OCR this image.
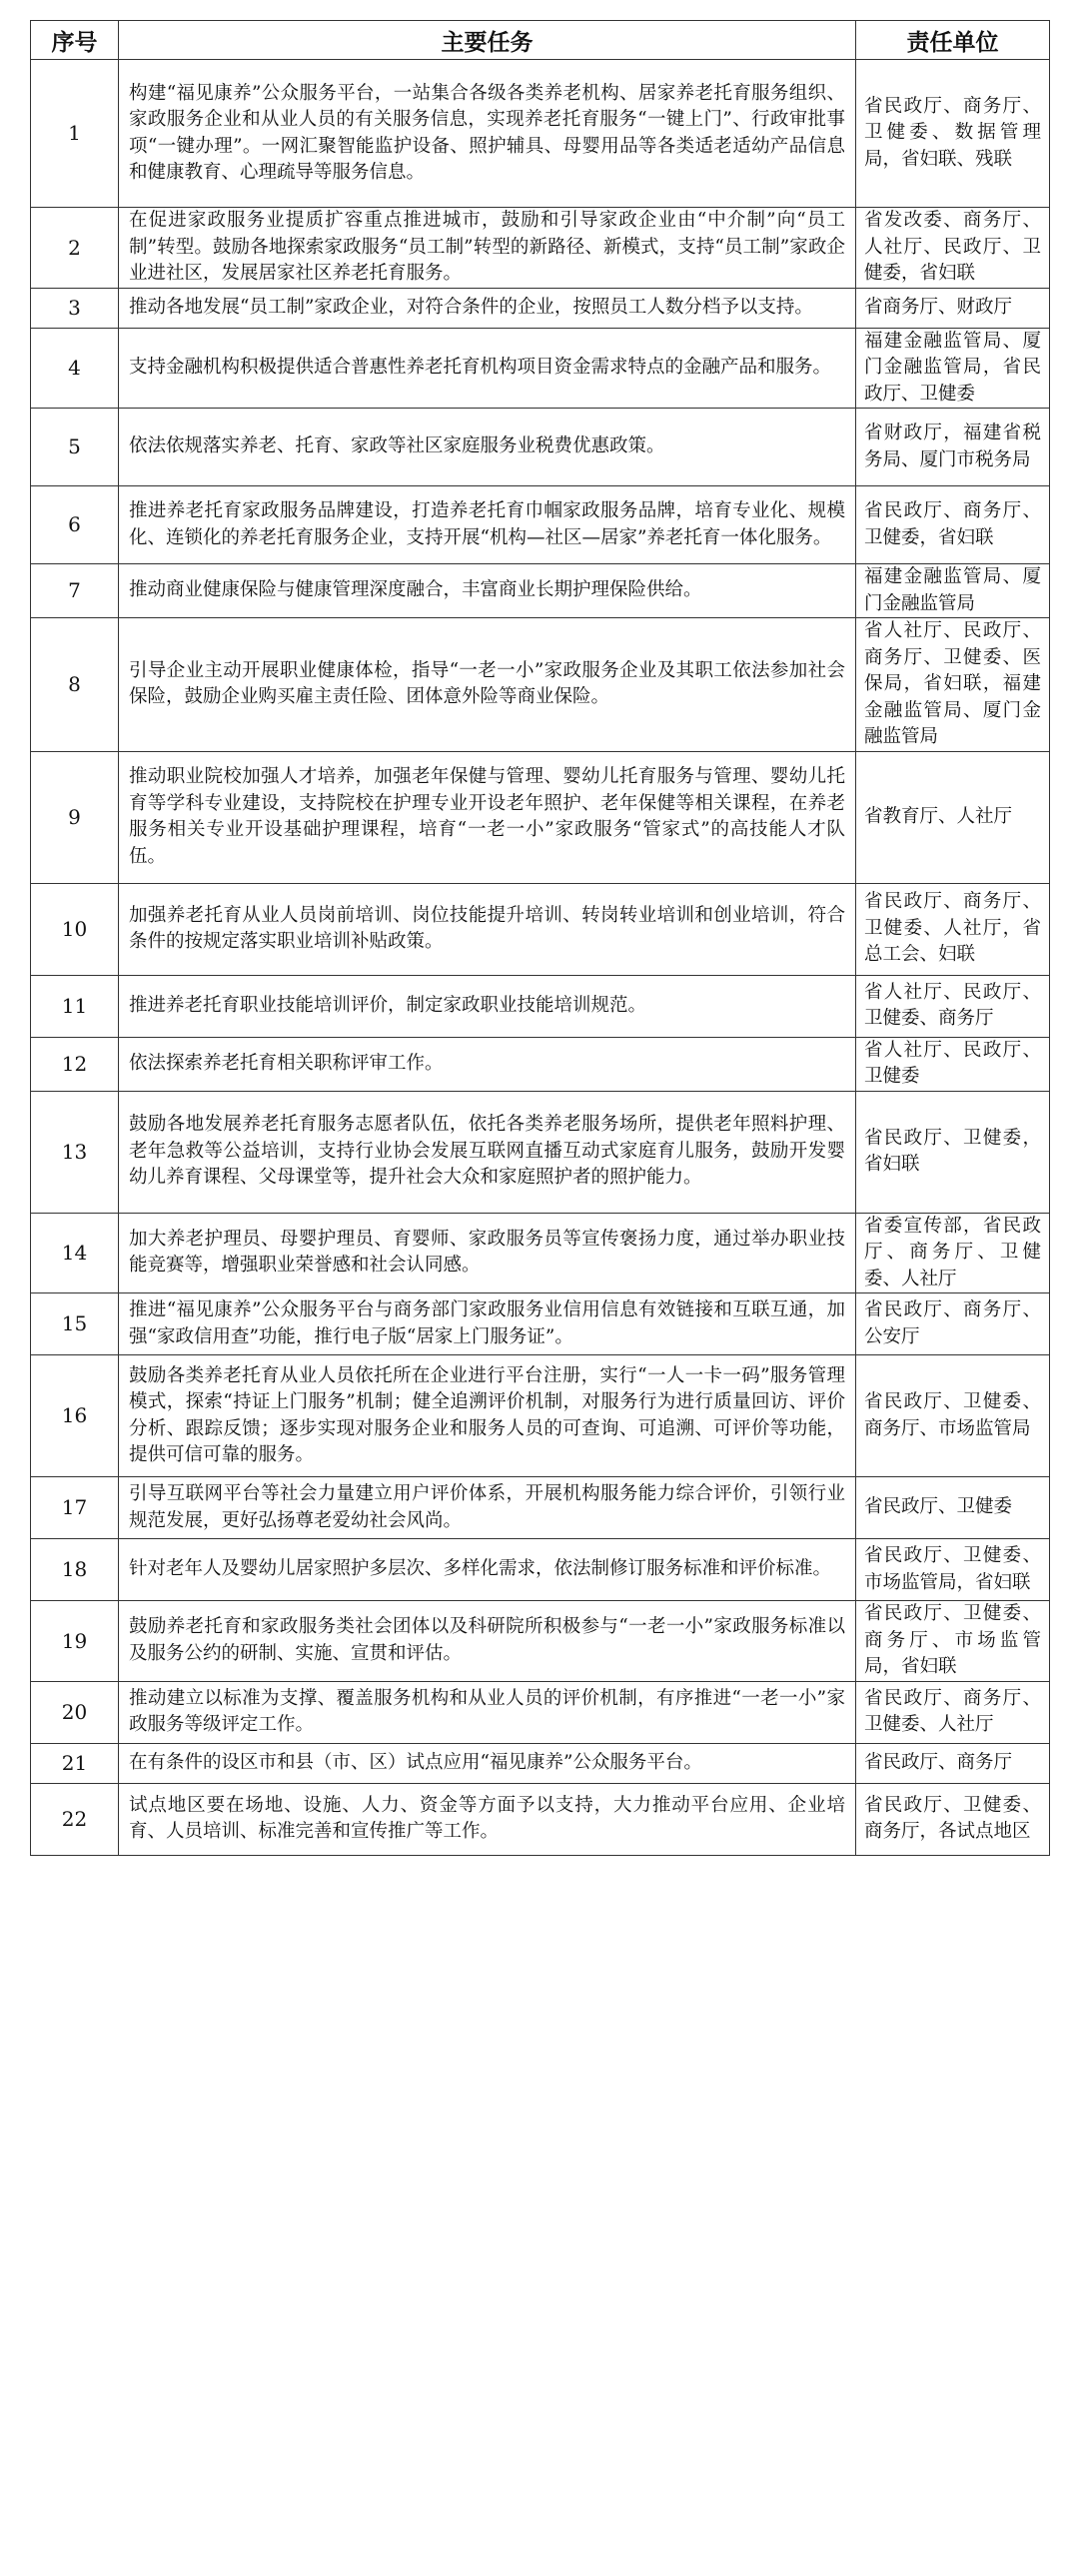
序号	主要任务	责任单位
1	构建“福见康养”公众服务平台，一站集合各级各类养老机构、居家养老托育服务组织、家政服务企业和从业人员的有关服务信息，实现养老托育服务“一键上门”、行政审批事项“一键办理”。一网汇聚智能监护设备、照护辅具、母婴用品等各类适老适幼产品信息和健康教育、心理疏导等服务信息。	省民政厅、商务厅、卫健委、数据管理局，省妇联、残联
2	在促进家政服务业提质扩容重点推进城市，鼓励和引导家政企业由“中介制”向“员工制”转型。鼓励各地探索家政服务“员工制”转型的新路径、新模式，支持“员工制”家政企业进社区，发展居家社区养老托育服务。	省发改委、商务厅、人社厅、民政厅、卫健委，省妇联
3	推动各地发展“员工制”家政企业，对符合条件的企业，按照员工人数分档予以支持。	省商务厅、财政厅
4	支持金融机构积极提供适合普惠性养老托育机构项目资金需求特点的金融产品和服务。	福建金融监管局、厦门金融监管局，省民政厅、卫健委
5	依法依规落实养老、托育、家政等社区家庭服务业税费优惠政策。	省财政厅，福建省税务局、厦门市税务局
6	推进养老托育家政服务品牌建设，打造养老托育巾帼家政服务品牌，培育专业化、规模化、连锁化的养老托育服务企业，支持开展“机构—社区—居家”养老托育一体化服务。	省民政厅、商务厅、卫健委，省妇联
7	推动商业健康保险与健康管理深度融合，丰富商业长期护理保险供给。	福建金融监管局、厦门金融监管局
8	引导企业主动开展职业健康体检，指导“一老一小”家政服务企业及其职工依法参加社会保险，鼓励企业购买雇主责任险、团体意外险等商业保险。	省人社厅、民政厅、商务厅、卫健委、医保局，省妇联，福建金融监管局、厦门金融监管局
9	推动职业院校加强人才培养，加强老年保健与管理、婴幼儿托育服务与管理、婴幼儿托育等学科专业建设，支持院校在护理专业开设老年照护、老年保健等相关课程，在养老服务相关专业开设基础护理课程，培育“一老一小”家政服务“管家式”的高技能人才队伍。	省教育厅、人社厅
10	加强养老托育从业人员岗前培训、岗位技能提升培训、转岗转业培训和创业培训，符合条件的按规定落实职业培训补贴政策。	省民政厅、商务厅、卫健委、人社厅，省总工会、妇联
11	推进养老托育职业技能培训评价，制定家政职业技能培训规范。	省人社厅、民政厅、卫健委、商务厅
12	依法探索养老托育相关职称评审工作。	省人社厅、民政厅、卫健委
13	鼓励各地发展养老托育服务志愿者队伍，依托各类养老服务场所，提供老年照料护理、老年急救等公益培训，支持行业协会发展互联网直播互动式家庭育儿服务，鼓励开发婴幼儿养育课程、父母课堂等，提升社会大众和家庭照护者的照护能力。	省民政厅、卫健委，省妇联
14	加大养老护理员、母婴护理员、育婴师、家政服务员等宣传褒扬力度，通过举办职业技能竞赛等，增强职业荣誉感和社会认同感。	省委宣传部，省民政厅、商务厅、卫健委、人社厅
15	推进“福见康养”公众服务平台与商务部门家政服务业信用信息有效链接和互联互通，加强“家政信用查”功能，推行电子版“居家上门服务证”。	省民政厅、商务厅、公安厅
16	鼓励各类养老托育从业人员依托所在企业进行平台注册，实行“一人一卡一码”服务管理模式，探索“持证上门服务”机制；健全追溯评价机制，对服务行为进行质量回访、评价分析、跟踪反馈；逐步实现对服务企业和服务人员的可查询、可追溯、可评价等功能，提供可信可靠的服务。	省民政厅、卫健委、商务厅、市场监管局
17	引导互联网平台等社会力量建立用户评价体系，开展机构服务能力综合评价，引领行业规范发展，更好弘扬尊老爱幼社会风尚。	省民政厅、卫健委
18	针对老年人及婴幼儿居家照护多层次、多样化需求，依法制修订服务标准和评价标准。	省民政厅、卫健委、市场监管局，省妇联
19	鼓励养老托育和家政服务类社会团体以及科研院所积极参与“一老一小”家政服务标准以及服务公约的研制、实施、宣贯和评估。	省民政厅、卫健委、商务厅、市场监管局，省妇联
20	推动建立以标准为支撑、覆盖服务机构和从业人员的评价机制，有序推进“一老一小”家政服务等级评定工作。	省民政厅、商务厅、卫健委、人社厅
21	在有条件的设区市和县（市、区）试点应用“福见康养”公众服务平台。	省民政厅、商务厅
22	试点地区要在场地、设施、人力、资金等方面予以支持，大力推动平台应用、企业培育、人员培训、标准完善和宣传推广等工作。	省民政厅、卫健委、商务厅，各试点地区
